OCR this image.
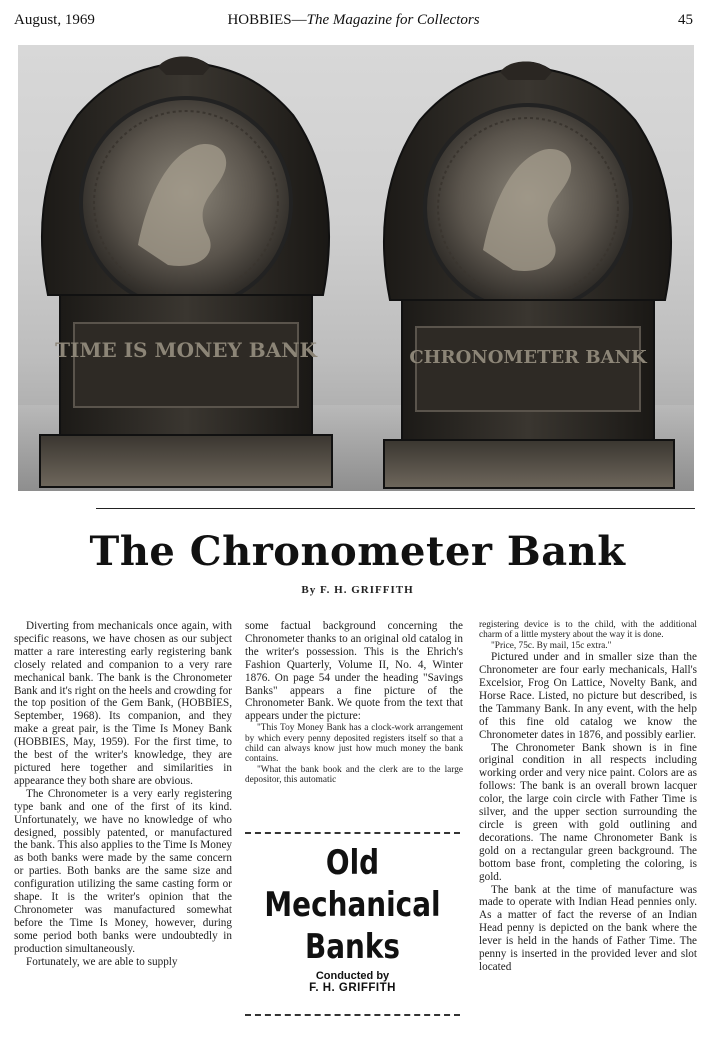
August, 1969	HOBBIES—The Magazine for Collectors	45
TIME IS MONEY BANK	CHRONOMETER BANK
The Chronometer Bank
By F. H. GRIFFITH

Diverting from mechanicals once again, with specific reasons, we have chosen as our subject matter a rare interesting early registering bank closely related and companion to a very rare mechanical bank. The bank is the Chronometer Bank and it's right on the heels and crowding for the top position of the Gem Bank, (HOBBIES, September, 1968). Its companion, and they make a great pair, is the Time Is Money Bank (HOBBIES, May, 1959). For the first time, to the best of the writer's knowledge, they are pictured here together and similarities in appearance they both share are obvious.

The Chronometer is a very early registering type bank and one of the first of its kind. Unfortunately, we have no knowledge of who designed, possibly patented, or manufactured the bank. This also applies to the Time Is Money as both banks were made by the same concern or parties. Both banks are the same size and configuration utilizing the same casting form or shape. It is the writer's opinion that the Chronometer was manufactured somewhat before the Time Is Money, however, during some period both banks were undoubtedly in production simultaneously.

Fortunately, we are able to supply

some factual background concerning the Chronometer thanks to an original old catalog in the writer's possession. This is the Ehrich's Fashion Quarterly, Volume II, No. 4, Winter 1876. On page 54 under the heading "Savings Banks" appears a fine picture of the Chronometer Bank. We quote from the text that appears under the picture:

"This Toy Money Bank has a clock-work arrangement by which every penny deposited registers itself so that a child can always know just how much money the bank contains.

"What the bank book and the clerk are to the large depositor, this automatic

Old
Mechanical
Banks
Conducted by
F. H. GRIFFITH

registering device is to the child, with the additional charm of a little mystery about the way it is done.

"Price, 75c. By mail, 15c extra."

Pictured under and in smaller size than the Chronometer are four early mechanicals, Hall's Excelsior, Frog On Lattice, Novelty Bank, and Horse Race. Listed, no picture but described, is the Tammany Bank. In any event, with the help of this fine old catalog we know the Chronometer dates in 1876, and possibly earlier.

The Chronometer Bank shown is in fine original condition in all respects including working order and very nice paint. Colors are as follows: The bank is an overall brown lacquer color, the large coin circle with Father Time is silver, and the upper section surrounding the circle is green with gold outlining and decorations. The name Chronometer Bank is gold on a rectangular green background. The bottom base front, completing the coloring, is gold.

The bank at the time of manufacture was made to operate with Indian Head pennies only. As a matter of fact the reverse of an Indian Head penny is depicted on the bank where the lever is held in the hands of Father Time. The penny is inserted in the provided lever and slot located
